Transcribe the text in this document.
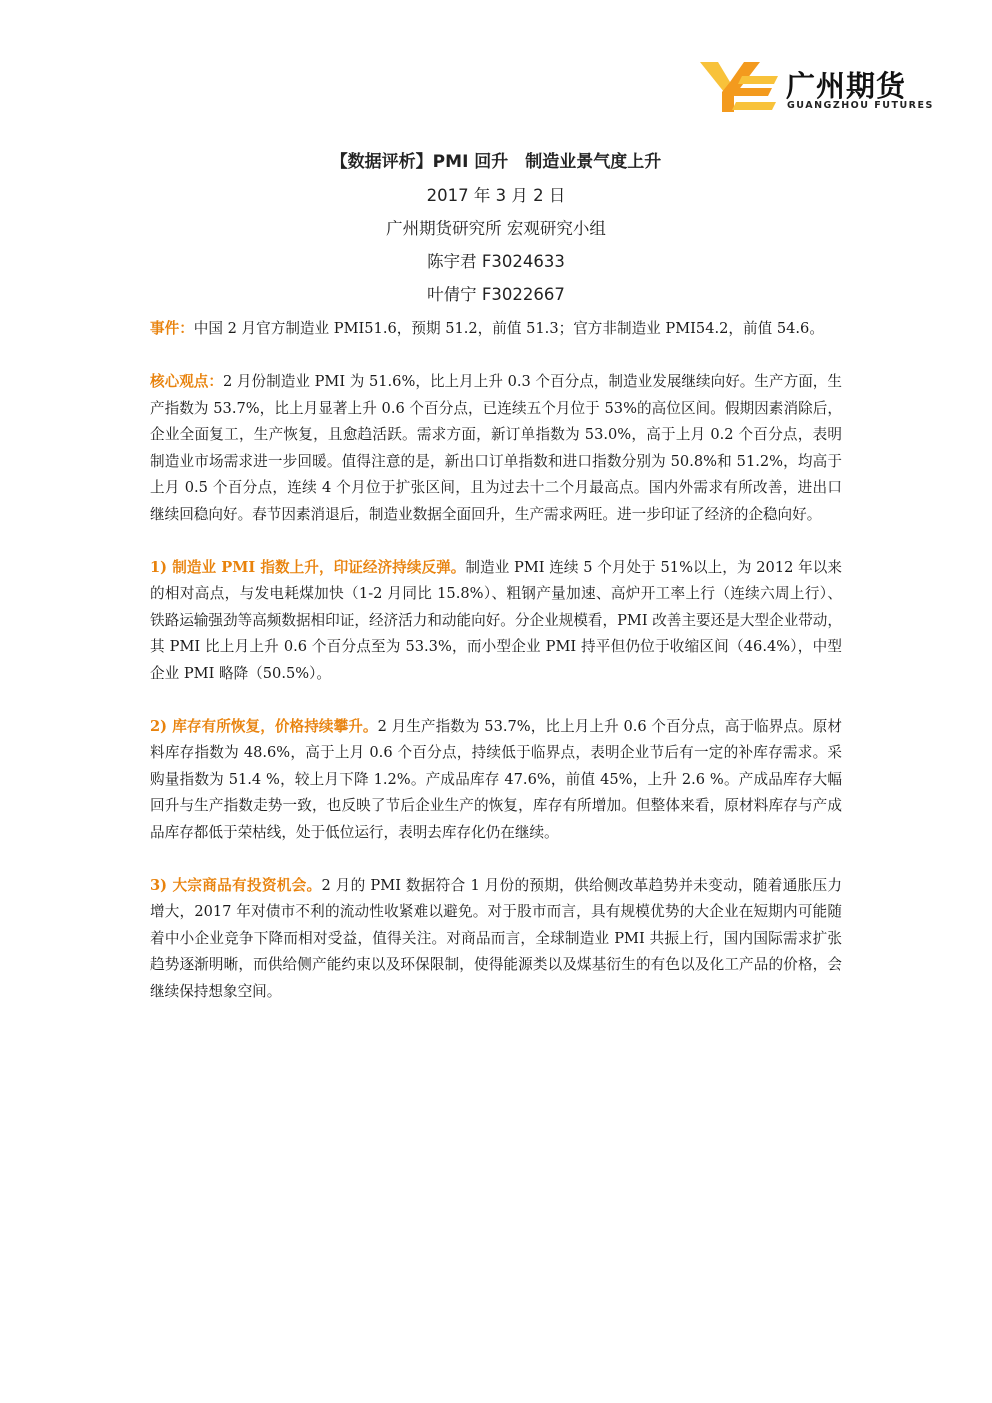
广州期货
GUANGZHOU FUTURES
【数据评析】PMI 回升　制造业景气度上升
2017 年 3 月 2 日
广州期货研究所 宏观研究小组
陈宇君 F3024633
叶倩宁 F3022667

事件：中国 2 月官方制造业 PMI51.6，预期 51.2，前值 51.3；官方非制造业 PMI54.2，前值 54.6。

核心观点：2 月份制造业 PMI 为 51.6%，比上月上升 0.3 个百分点，制造业发展继续向好。生产方面，生产指数为 53.7%，比上月显著上升 0.6 个百分点，已连续五个月位于 53%的高位区间。假期因素消除后，企业全面复工，生产恢复，且愈趋活跃。需求方面，新订单指数为 53.0%，高于上月 0.2 个百分点，表明制造业市场需求进一步回暖。值得注意的是，新出口订单指数和进口指数分别为 50.8%和 51.2%，均高于上月 0.5 个百分点，连续 4 个月位于扩张区间，且为过去十二个月最高点。国内外需求有所改善，进出口继续回稳向好。春节因素消退后，制造业数据全面回升，生产需求两旺。进一步印证了经济的企稳向好。

1) 制造业 PMI 指数上升，印证经济持续反弹。制造业 PMI 连续 5 个月处于 51%以上，为 2012 年以来的相对高点，与发电耗煤加快（1-2 月同比 15.8%）、粗钢产量加速、高炉开工率上行（连续六周上行）、铁路运输强劲等高频数据相印证，经济活力和动能向好。分企业规模看，PMI 改善主要还是大型企业带动，其 PMI 比上月上升 0.6 个百分点至为 53.3%，而小型企业 PMI 持平但仍位于收缩区间（46.4%），中型企业 PMI 略降（50.5%）。

2) 库存有所恢复，价格持续攀升。2 月生产指数为 53.7%，比上月上升 0.6 个百分点，高于临界点。原材料库存指数为 48.6%，高于上月 0.6 个百分点，持续低于临界点，表明企业节后有一定的补库存需求。采购量指数为 51.4 %，较上月下降 1.2%。产成品库存 47.6%，前值 45%，上升 2.6 %。产成品库存大幅回升与生产指数走势一致，也反映了节后企业生产的恢复，库存有所增加。但整体来看，原材料库存与产成品库存都低于荣枯线，处于低位运行，表明去库存化仍在继续。

3) 大宗商品有投资机会。2 月的 PMI 数据符合 1 月份的预期，供给侧改革趋势并未变动，随着通胀压力增大，2017 年对债市不利的流动性收紧难以避免。对于股市而言，具有规模优势的大企业在短期内可能随着中小企业竞争下降而相对受益，值得关注。对商品而言，全球制造业 PMI 共振上行，国内国际需求扩张趋势逐渐明晰，而供给侧产能约束以及环保限制，使得能源类以及煤基衍生的有色以及化工产品的价格，会继续保持想象空间。
